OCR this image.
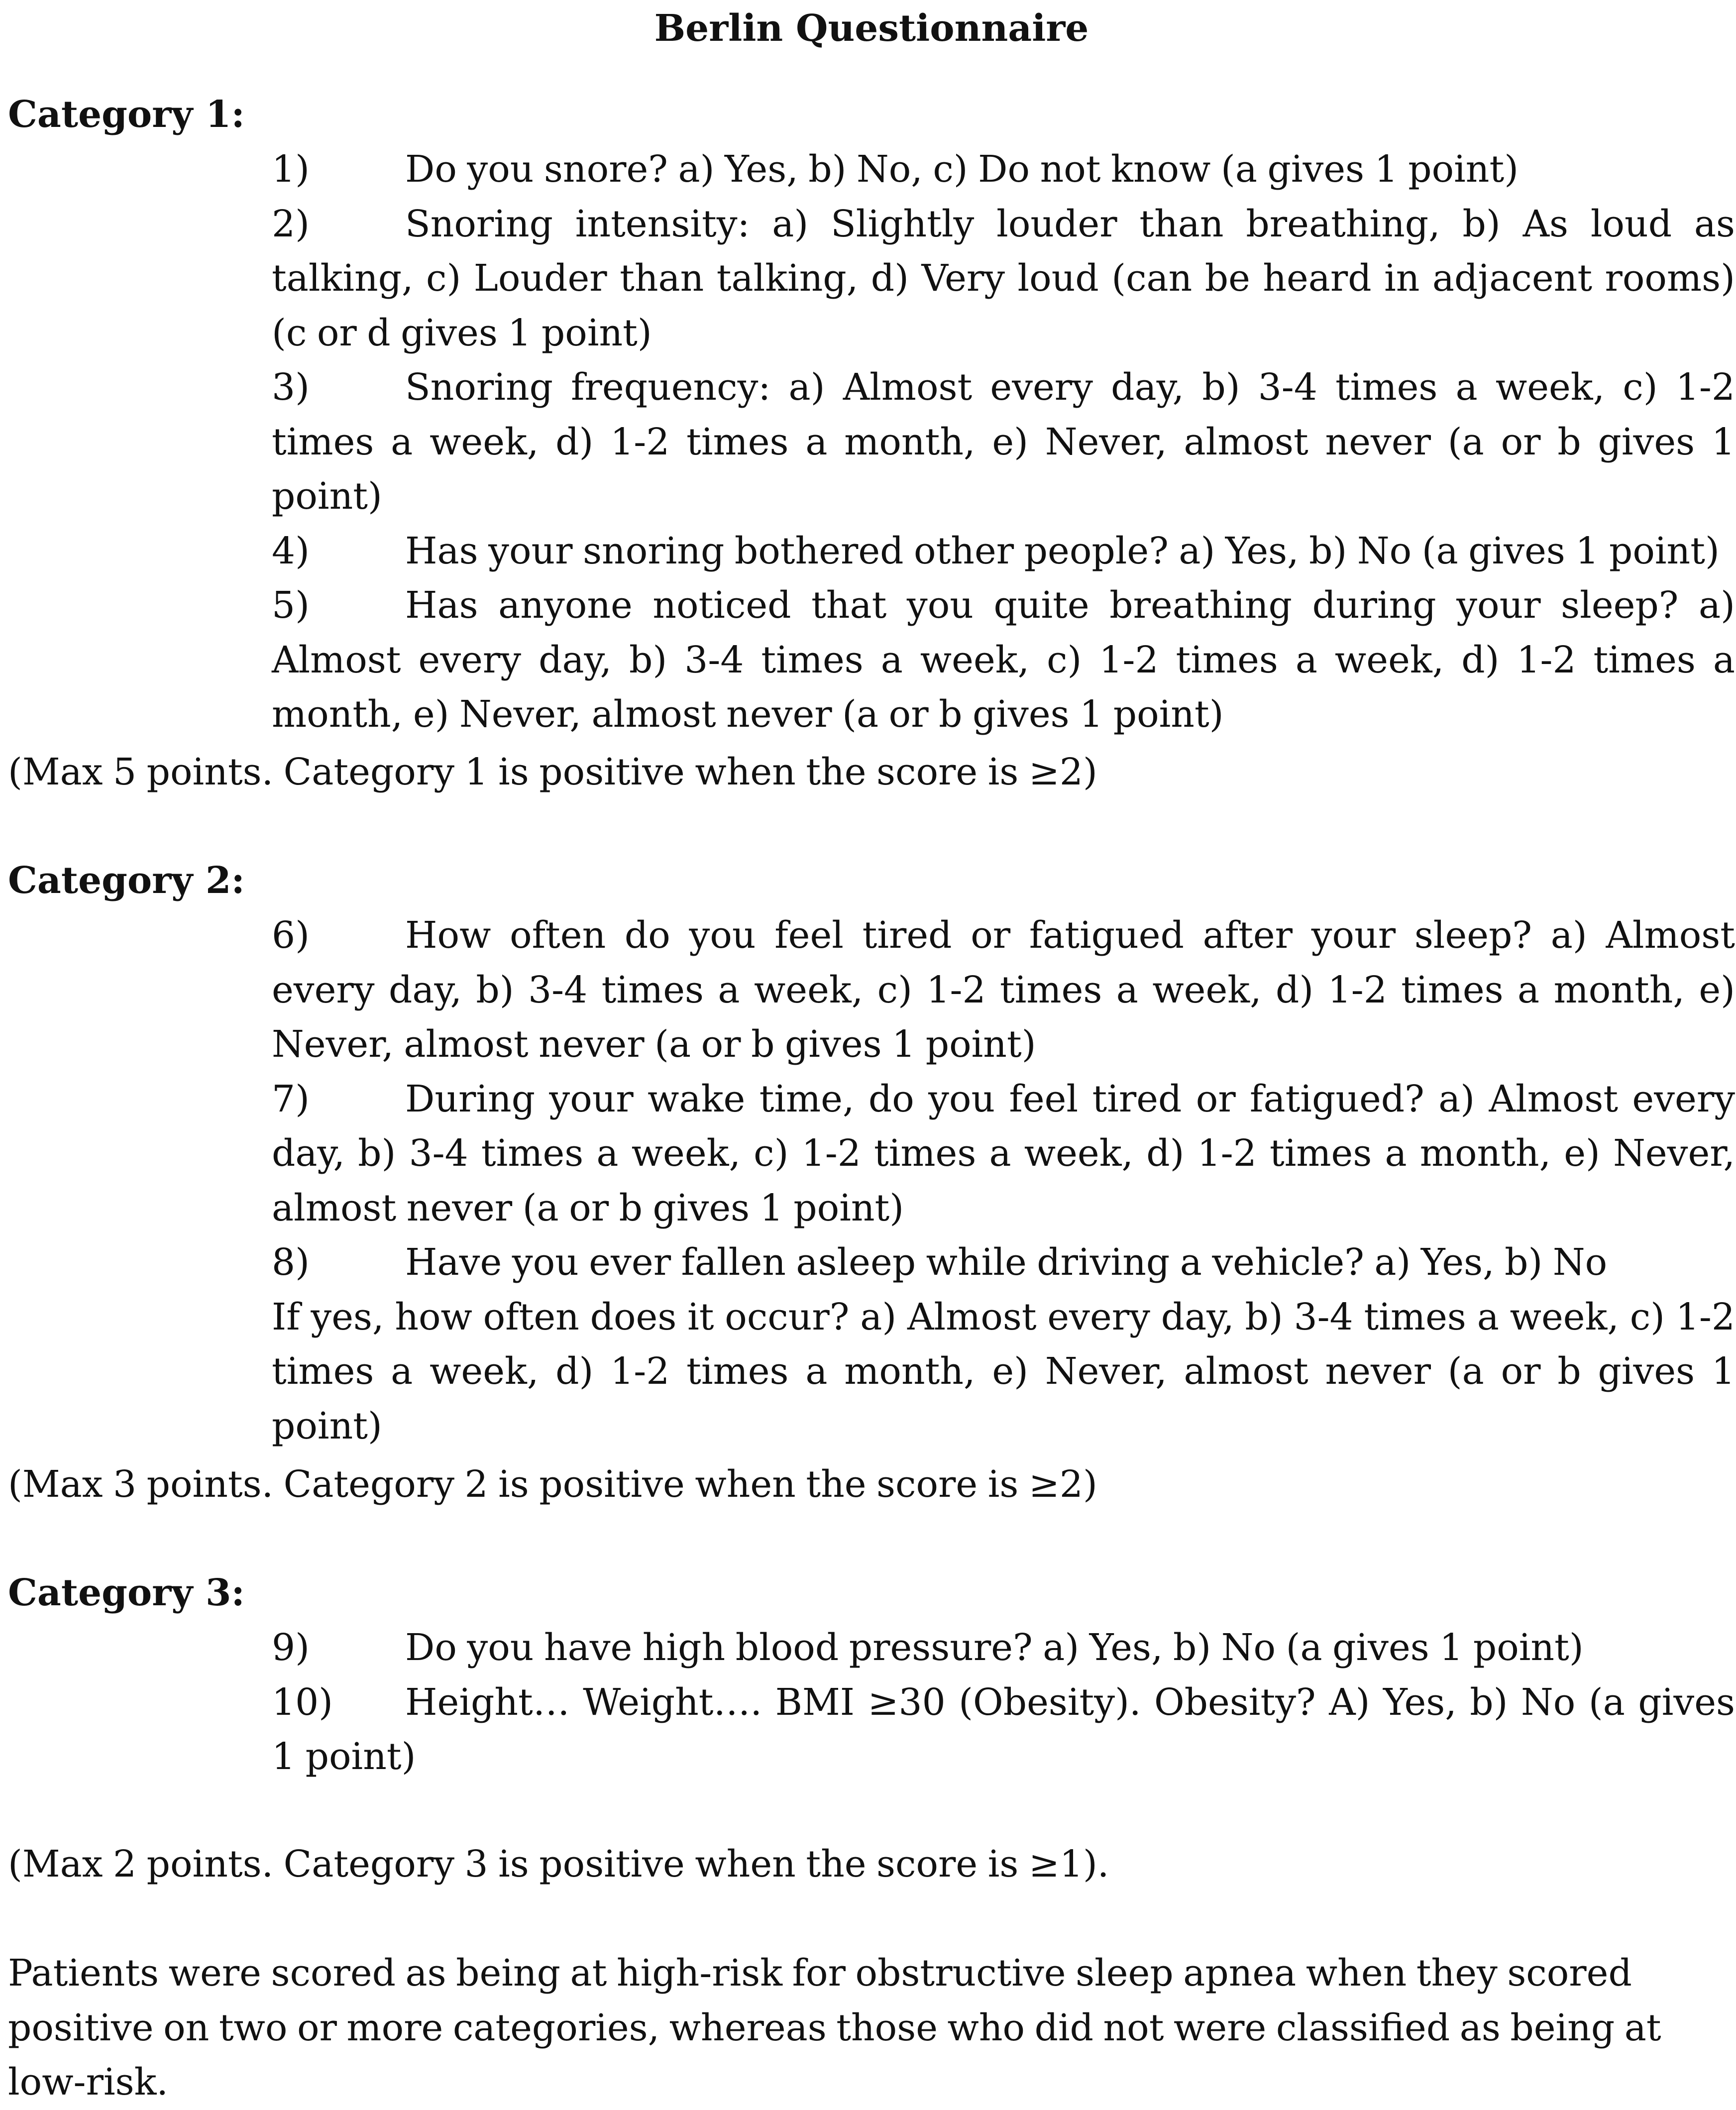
Berlin Questionnaire
Category 1:

1)	Do you snore? a) Yes, b) No, c) Do not know (a gives 1 point)

2)	Snoring intensity: a) Slightly louder than breathing, b) As loud as talking, c) Louder than talking, d) Very loud (can be heard in adjacent rooms) (c or d gives 1 point)

3)	Snoring frequency: a) Almost every day, b) 3-4 times a week, c) 1-2 times a week, d) 1-2 times a month, e) Never, almost never (a or b gives 1 point)

4)	Has your snoring bothered other people? a) Yes, b) No (a gives 1 point)

5)	Has anyone noticed that you quite breathing during your sleep? a) Almost every day, b) 3-4 times a week, c) 1-2 times a week, d) 1-2 times a month, e) Never, almost never (a or b gives 1 point)

(Max 5 points. Category 1 is positive when the score is ≥2)

Category 2:

6)	How often do you feel tired or fatigued after your sleep? a) Almost every day, b) 3-4 times a week, c) 1-2 times a week, d) 1-2 times a month, e) Never, almost never (a or b gives 1 point)

7)	During your wake time, do you feel tired or fatigued? a) Almost every day, b) 3-4 times a week, c) 1-2 times a week, d) 1-2 times a month, e) Never, almost never (a or b gives 1 point)

8)	Have you ever fallen asleep while driving a vehicle? a) Yes, b) No
If yes, how often does it occur? a) Almost every day, b) 3-4 times a week, c) 1-2 times a week, d) 1-2 times a month, e) Never, almost never (a or b gives 1 point)

(Max 3 points. Category 2 is positive when the score is ≥2)

Category 3:

9)	Do you have high blood pressure? a) Yes, b) No (a gives 1 point)

10) Height… Weight…. BMI ≥30 (Obesity). Obesity? A) Yes, b) No (a gives 1 point)

(Max 2 points. Category 3 is positive when the score is ≥1).

Patients were scored as being at high-risk for obstructive sleep apnea when they scored positive on two or more categories, whereas those who did not were classified as being at low-risk.
